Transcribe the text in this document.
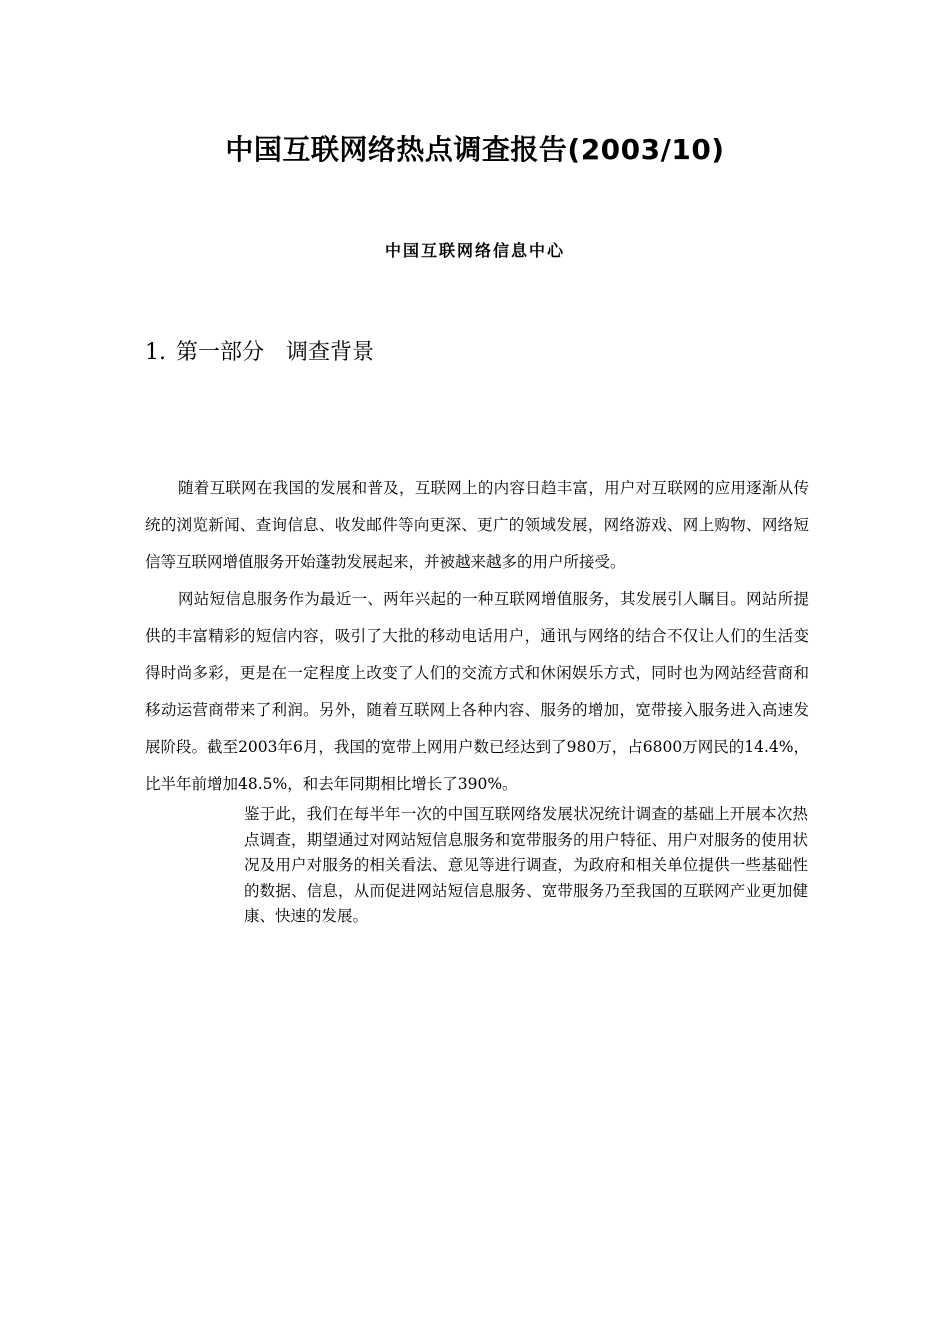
中国互联网络热点调查报告(2003/10)
中国互联网络信息中心
1. 第一部分　调查背景

随着互联网在我国的发展和普及，互联网上的内容日趋丰富，用户对互联网的应用逐渐从传统的浏览新闻、查询信息、收发邮件等向更深、更广的领域发展，网络游戏、网上购物、网络短信等互联网增值服务开始蓬勃发展起来，并被越来越多的用户所接受。

网站短信息服务作为最近一、两年兴起的一种互联网增值服务，其发展引人瞩目。网站所提供的丰富精彩的短信内容，吸引了大批的移动电话用户，通讯与网络的结合不仅让人们的生活变得时尚多彩，更是在一定程度上改变了人们的交流方式和休闲娱乐方式，同时也为网站经营商和移动运营商带来了利润。另外，随着互联网上各种内容、服务的增加，宽带接入服务进入高速发展阶段。截至2003年6月，我国的宽带上网用户数已经达到了980万，占6800万网民的14.4%，比半年前增加48.5%，和去年同期相比增长了390%。

鉴于此，我们在每半年一次的中国互联网络发展状况统计调查的基础上开展本次热点调查，期望通过对网站短信息服务和宽带服务的用户特征、用户对服务的使用状况及用户对服务的相关看法、意见等进行调查，为政府和相关单位提供一些基础性的数据、信息，从而促进网站短信息服务、宽带服务乃至我国的互联网产业更加健康、快速的发展。
